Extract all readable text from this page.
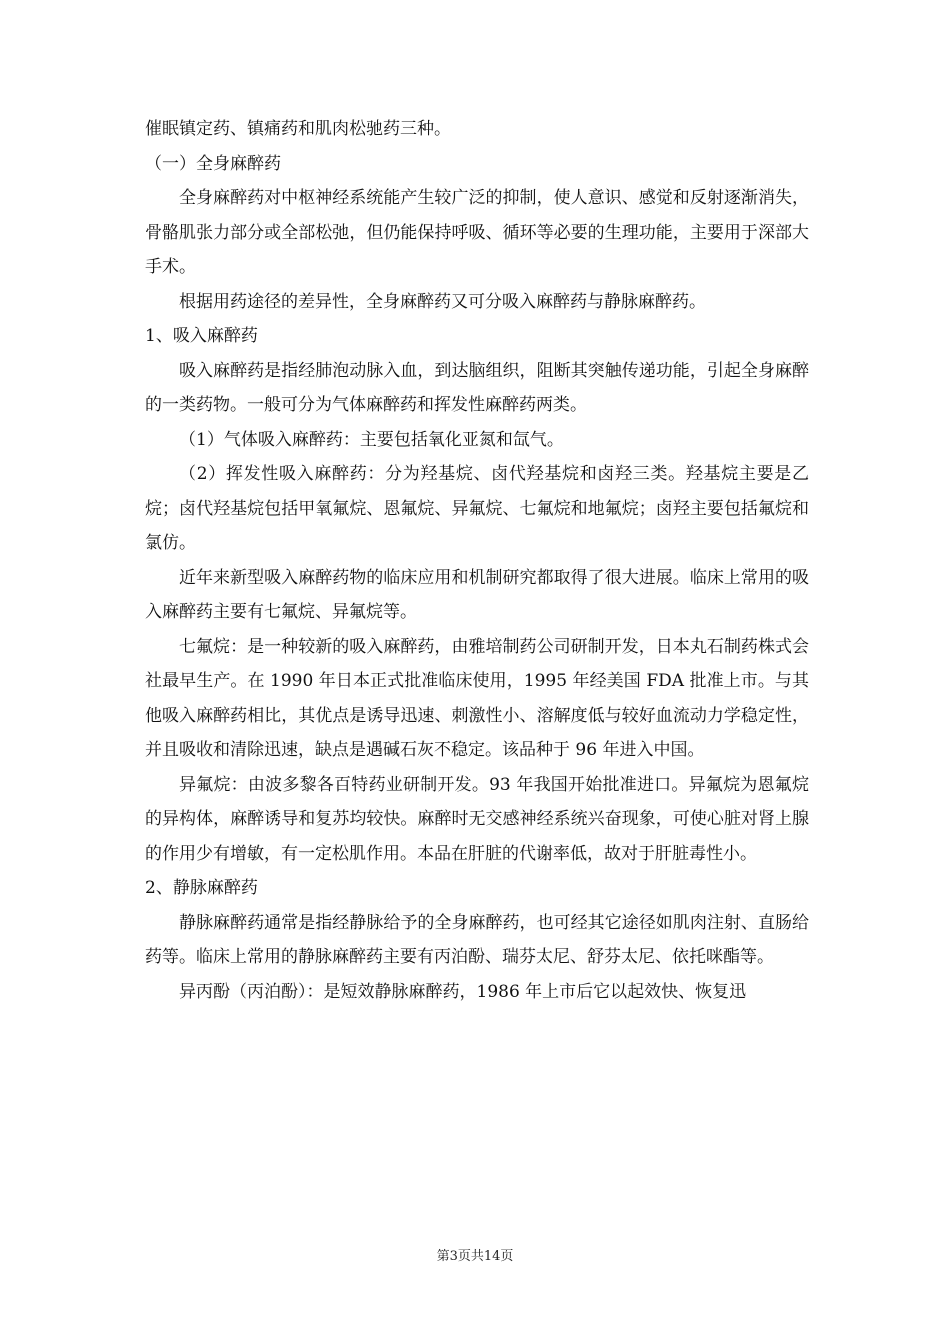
催眠镇定药、镇痛药和肌肉松驰药三种。

（一）全身麻醉药

全身麻醉药对中枢神经系统能产生较广泛的抑制，使人意识、感觉和反射逐渐消失，骨骼肌张力部分或全部松弛，但仍能保持呼吸、循环等必要的生理功能，主要用于深部大手术。

根据用药途径的差异性，全身麻醉药又可分吸入麻醉药与静脉麻醉药。

1、吸入麻醉药

吸入麻醉药是指经肺泡动脉入血，到达脑组织，阻断其突触传递功能，引起全身麻醉的一类药物。一般可分为气体麻醉药和挥发性麻醉药两类。

（1）气体吸入麻醉药：主要包括氧化亚氮和氙气。

（2）挥发性吸入麻醉药：分为羟基烷、卤代羟基烷和卤羟三类。羟基烷主要是乙烷；卤代羟基烷包括甲氧氟烷、恩氟烷、异氟烷、七氟烷和地氟烷；卤羟主要包括氟烷和氯仿。

近年来新型吸入麻醉药物的临床应用和机制研究都取得了很大进展。临床上常用的吸入麻醉药主要有七氟烷、异氟烷等。

七氟烷：是一种较新的吸入麻醉药，由雅培制药公司研制开发，日本丸石制药株式会社最早生产。在 1990 年日本正式批准临床使用，1995 年经美国 FDA 批准上市。与其他吸入麻醉药相比，其优点是诱导迅速、刺激性小、溶解度低与较好血流动力学稳定性，并且吸收和清除迅速，缺点是遇碱石灰不稳定。该品种于 96 年进入中国。

异氟烷：由波多黎各百特药业研制开发。93 年我国开始批准进口。异氟烷为恩氟烷的异构体，麻醉诱导和复苏均较快。麻醉时无交感神经系统兴奋现象，可使心脏对肾上腺的作用少有增敏，有一定松肌作用。本品在肝脏的代谢率低，故对于肝脏毒性小。

2、静脉麻醉药

静脉麻醉药通常是指经静脉给予的全身麻醉药，也可经其它途径如肌肉注射、直肠给药等。临床上常用的静脉麻醉药主要有丙泊酚、瑞芬太尼、舒芬太尼、依托咪酯等。

异丙酚（丙泊酚）：是短效静脉麻醉药，1986 年上市后它以起效快、恢复迅

第3页共14页
